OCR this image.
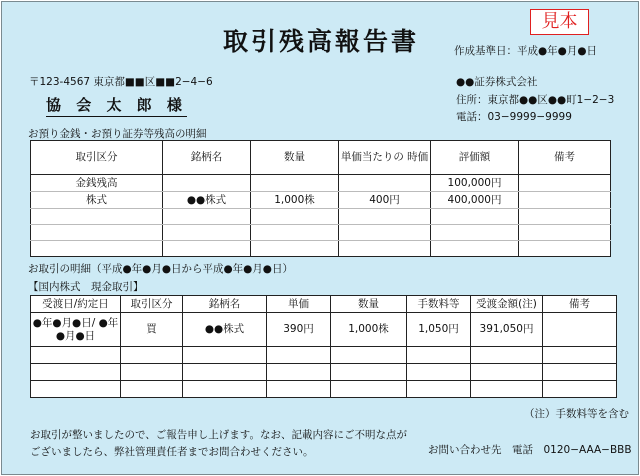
取引残高報告書
見本
作成基準日：平成●年●月●日
〒123-4567 東京都■■区■■2−4−6
協 会 太 郎 様
●●証券株式会社
住所：東京都●●区●●町1−2−3
電話：03−9999−9999
お預り金銭・お預り証券等残高の明細
取引区分	銘柄名	数量	単価当たりの 時価	評価額	備考
金銭残高				100,000円	
株式	●●株式	1,000株	400円	400,000円	

お取引の明細（平成●年●月●日から平成●年●月●日）
【国内株式　現金取引】
受渡日/約定日	取引区分	銘柄名	単価	数量	手数料等	受渡金額(注)	備考
●年●月●日/ ●年●月●日	買	●●株式	390円	1,000株	1,050円	391,050円	

（注）手数料等を含む
お取引が整いましたので、ご報告申し上げます。なお、記載内容にご不明な点が
ございましたら、弊社管理責任者までお問合わせください。	お問い合わせ先　電話　0120−AAA−BBB
